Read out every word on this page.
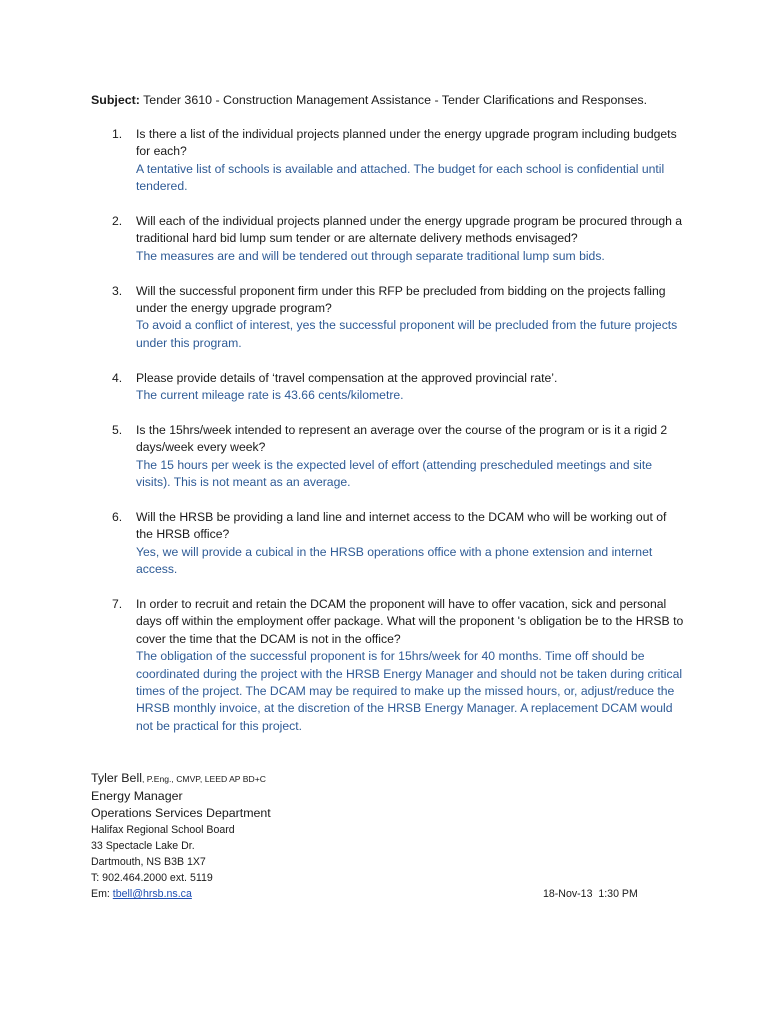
Subject: Tender 3610 - Construction Management Assistance - Tender Clarifications and Responses.
1. Is there a list of the individual projects planned under the energy upgrade program including budgets for each?
A tentative list of schools is available and attached. The budget for each school is confidential until tendered.
2. Will each of the individual projects planned under the energy upgrade program be procured through a traditional hard bid lump sum tender or are alternate delivery methods envisaged?
The measures are and will be tendered out through separate traditional lump sum bids.
3. Will the successful proponent firm under this RFP be precluded from bidding on the projects falling under the energy upgrade program?
To avoid a conflict of interest, yes the successful proponent will be precluded from the future projects under this program.
4. Please provide details of ‘travel compensation at the approved provincial rate’.
The current mileage rate is 43.66 cents/kilometre.
5. Is the 15hrs/week intended to represent an average over the course of the program or is it a rigid 2 days/week every week?
The 15 hours per week is the expected level of effort (attending prescheduled meetings and site visits). This is not meant as an average.
6. Will the HRSB be providing a land line and internet access to the DCAM who will be working out of the HRSB office?
Yes, we will provide a cubical in the HRSB operations office with a phone extension and internet access.
7. In order to recruit and retain the DCAM the proponent will have to offer vacation, sick and personal days off within the employment offer package. What will the proponent 's obligation be to the HRSB to cover the time that the DCAM is not in the office?
The obligation of the successful proponent is for 15hrs/week for 40 months. Time off should be coordinated during the project with the HRSB Energy Manager and should not be taken during critical times of the project. The DCAM may be required to make up the missed hours, or, adjust/reduce the HRSB monthly invoice, at the discretion of the HRSB Energy Manager. A replacement DCAM would not be practical for this project.
Tyler Bell, P.Eng., CMVP, LEED AP BD+C
Energy Manager
Operations Services Department
Halifax Regional School Board
33 Spectacle Lake Dr.
Dartmouth, NS B3B 1X7
T: 902.464.2000 ext. 5119
Em: tbell@hrsb.ns.ca	18-Nov-13  1:30 PM
